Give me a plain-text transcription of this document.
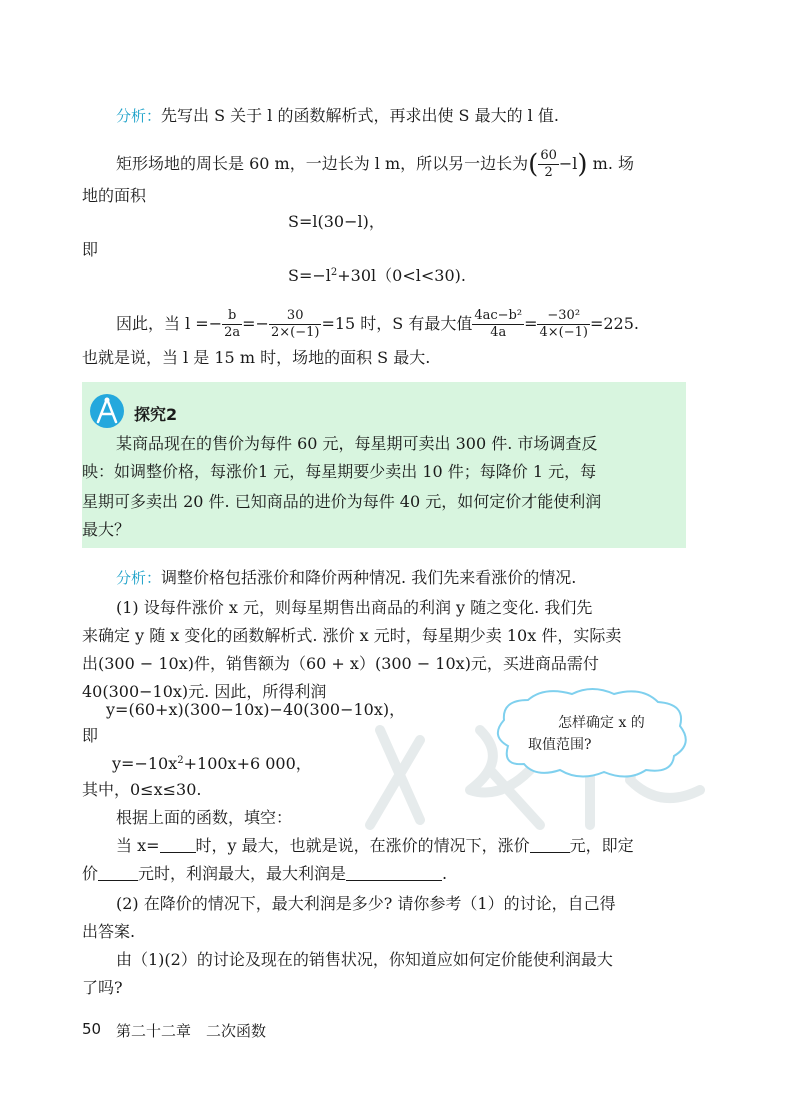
分析：先写出 S 关于 l 的函数解析式，再求出使 S 最大的 l 值.
矩形场地的周长是 60 m，一边长为 l m，所以另一边长为( $\frac{60}{2} -l$) m. 场
地的面积
S=l(30−l)，
即
$S=-l^2+30l(0<l<30)$.
因此，当 $l =- \frac{b}{2a} =- \frac{30}{2\times(-1)} =15$ 时，S 有最大值 $\frac{\text{4ac−b²}}{4a} = \frac{\text{−30²}}{4\times(-1)} =225$.
也就是说，当 l 是 15 m 时，场地的面积 S 最大.
探究2
某商品现在的售价为每件 60 元，每星期可卖出 300 件. 市场调查反
映：如调整价格，每涨价1 元，每星期要少卖出 10 件；每降价 1 元，每
星期可多卖出 20 件. 已知商品的进价为每件 40 元，如何定价才能使利润
最大？
分析：调整价格包括涨价和降价两种情况. 我们先来看涨价的情况.
(1) 设每件涨价 x 元，则每星期售出商品的利润 y 随之变化. 我们先
来确定 y 随 x 变化的函数解析式. 涨价 x 元时，每星期少卖 10x 件，实际卖
出(300 − 10x)件，销售额为（60 + x）(300 − 10x)元，买进商品需付
40(300−10x)元. 因此，所得利润
y=(60+x)(300−10x)−40(300−10x)，
即
$y=-10x^2+100x+6$ 000，
其中，0≤x≤30.
根据上面的函数，填空：
当 x= 时，y 最大，也就是说，在涨价的情况下，涨价	元，即定
价	元时，利润最大，最大利润是	.
(2) 在降价的情况下，最大利润是多少? 请你参考（1）的讨论，自己得
出答案.
由（1)(2）的讨论及现在的销售状况，你知道应如何定价能使利润最大
了吗?
怎样确定 x 的
取值范围?
50 第二十二章　二次函数
